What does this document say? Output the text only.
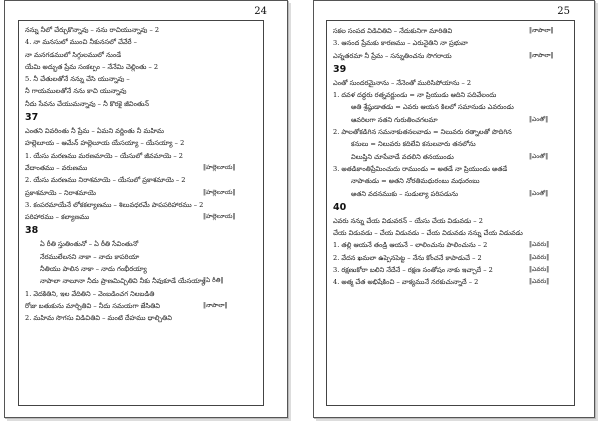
24
నన్ను నీలో చేర్చుకొన్నావు – నను రాచియున్నావు – 2
4. నా మనసులో ముంచి నీకునసలో చేవేరే –
నా మనగడములో సిగ్గులములో నుండే
యేమి అద్భుత ప్రేమ సంకల్పం – నేనేమి చెల్లింతు – 2
5. నీ చేతులతోనే నన్ను చేసి యున్నావు –
నీ గాయములతోనే నను కాచి యున్నావు
నీదు సేవను చేయుమన్నావు – నీ కొరకై జీవింతున్
37
ఎంతని వివరింతు నీ ప్రేమ – ఏమని వర్ణింతు నీ మహిమ
హల్లెలూయ – ఆమేన్ హల్లెలూయ యేసయ్యా – యేసయ్యా – 2
1. యేసు మరణము మరణమాయె – యేసులో జీవమాయె – 2
వేదాంతము – వరుణము	‖ హల్లెలూయ ‖
2. యేసు మరణము నిరాశమాయె – యేసులో ప్రకాశమాయె – 2
ప్రకాశమాయె – నిరాశమాయె	‖ హల్లెలూయ ‖
3. కంపరమాయేనే లోకకల్యాణము – శిలువధరమే పాపపరిహారము – 2
పరిహారము – కల్యాణము	‖ హల్లెలూయ ‖
38
ఏ రీతి స్తుతింతునో – ఏ రీతి సేవింతునో
నేరములేలనని నాకా – నాదు కాపరియా
నీతియు పాలిన నాకా – నాదు గంభీరయ్యా
నాపాలా నాలూనా నీదు ప్రాణమిచ్చితివి నీకు నీవుకూడే యేసయ్యా ‖ ఏ రీతి ‖
1. వెదకితిని, ఇల వేదితిని – వెంబడించగ నిలబడితి
రోజు బతుకును మార్చితివి – నీదు సమయగా జేసితివి	‖ నాపాలా ‖
2. మహిమ సొగసు విడిచితివి – మంటి దేహము ధాల్చితివి
25
సకల సంపద విడిచితివి – నేదుకునిగా మారితివి	‖ నాపాలా ‖
3. ఆనంద ప్రేమకు కారణము – ఎరునైతిని నా ప్రభువా
ఎన్నతరమా నీ ప్రేమ – సన్నుతించను సొగరాయ	‖ నాపాలా ‖
39
ఎంతో సుందరమైనాను – నేనెంతో మురిసిపోయాను – 2
1. దవళ దద్ధరు రత్నవర్ణుండు = నా ప్రియుడు ఆదిని పదివేలందు
అతి శ్రేష్ఠుడాతడు = ఎవరు ఆయన కిలలో సమానుడు ఎవరుండు
ఆవరిలగా నతని గురుతించగలమా	‖ ఎంతో ‖
2. పాలతోకడిగిన సమనాకుతనలవాడు = నిలువరు రత్నాలతో పొదిగిన
కనులు = నిలువరు కదిలేవి కనులవారు తనలోను
విలుప్తిని చూపేవాడే వదలిని తనయుండు	‖ ఎంతో ‖
3. అతడికాంతిప్రేమించుదు రాముండు = అతడే నా ప్రియుండు అతడే
నాపాతుడు = అతని నోరతిమధురంబు మధురంబు
అతని వదనముకు – సుడుల్యా పరిపడును	‖ ఎంతో ‖
40
ఎవరు నన్ను చేయ విడువరన్ – యేసు చేయ విడువడు – 2
చేయ విడువడు – చేయ విడువడు – చేయ విడువడు నన్ను చేయ విడువడు
1. తల్లి ఆయనే తండ్రి ఆయనే – లాలించును పాలించును – 2	‖ ఎవరు ‖
2. వేదన ఖమలా ఉప్పెనపెట్ట – నేను కోంచనే కాపాడుచే – 2	‖ ఎవరు ‖
3. రక్షణుకోరా బలిని నేదేనే – రక్షణ సంతోషం నాకు ఇచ్చాదే – 2	‖ ఎవరు ‖
4. అత్మ చేత అభిషేకించి – వాక్యమునే నరకుచున్నాదే – 2	‖ ఎవరు ‖
